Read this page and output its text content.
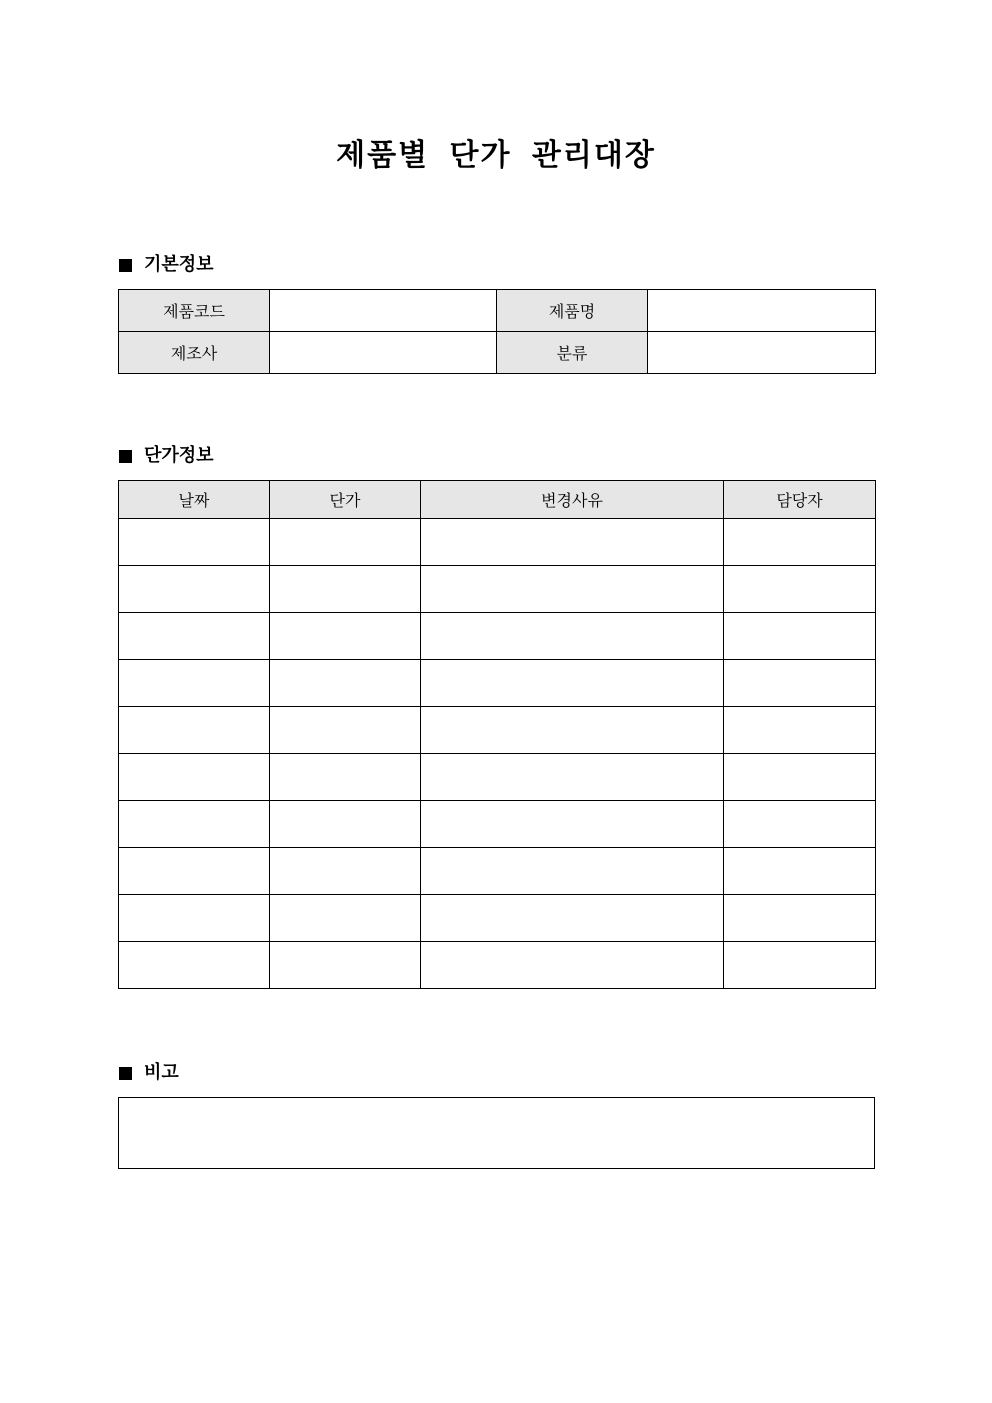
제품별 단가 관리대장
기본정보
제품코드		제품명	
제조사		분류	
단가정보
날짜	단가	변경사유	담당자

비고
